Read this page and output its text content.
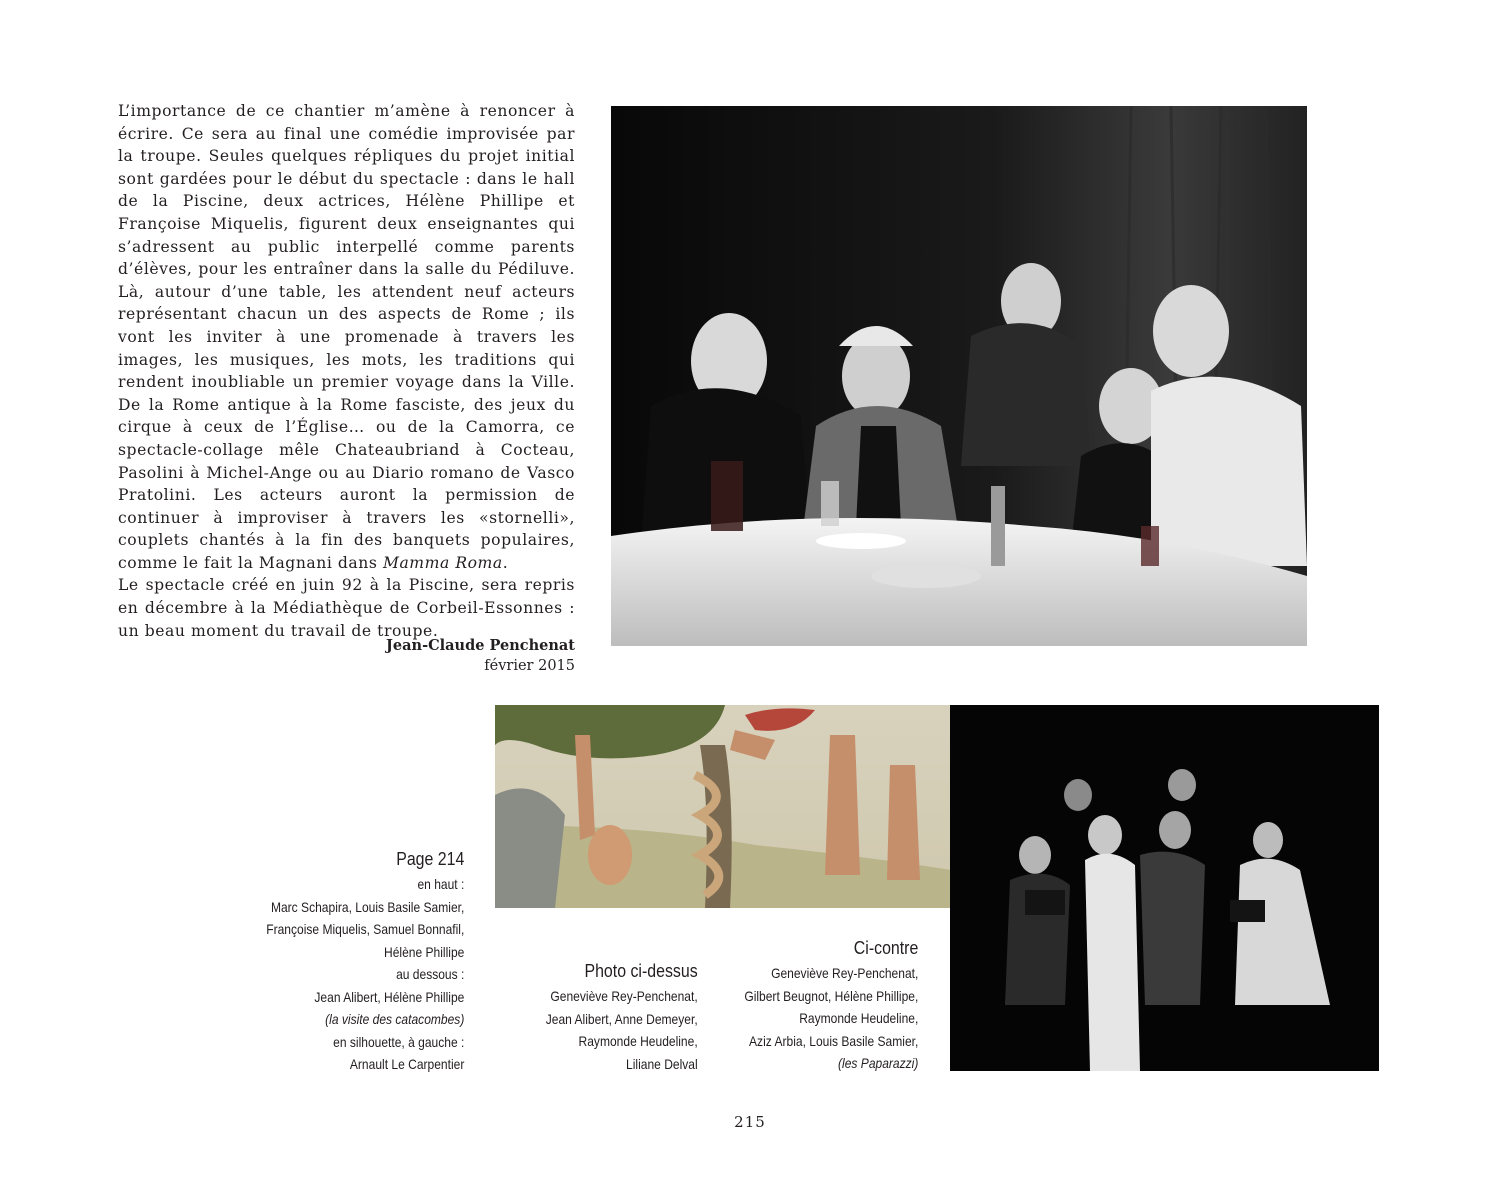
L’importance de ce chantier m’amène à renoncer à écrire. Ce sera au final une comédie improvisée par la troupe. Seules quelques répliques du projet initial sont gardées pour le début du spectacle : dans le hall de la Piscine, deux actrices, Hélène Phillipe et Françoise Miquelis, figurent deux enseignantes qui s’adressent au public interpellé comme parents d’élèves, pour les entraîner dans la salle du Pédiluve. Là, autour d’une table, les attendent neuf acteurs représentant chacun un des aspects de Rome ; ils vont les inviter à une promenade à travers les images, les musiques, les mots, les traditions qui rendent inoubliable un premier voyage dans la Ville. De la Rome antique à la Rome fasciste, des jeux du cirque à ceux de l’Église… ou de la Camorra, ce spectacle-collage mêle Chateaubriand à Cocteau, Pasolini à Michel-Ange ou au Diario romano de Vasco Pratolini. Les acteurs auront la permission de continuer à improviser à travers les «stornelli», couplets chantés à la fin des banquets populaires, comme le fait la Magnani dans Mamma Roma.

Le spectacle créé en juin 92 à la Piscine, sera repris en décembre à la Médiathèque de Corbeil-Essonnes : un beau moment du travail de troupe.

Jean-Claude Penchenat
février 2015
Page 214
en haut :
Marc Schapira, Louis Basile Samier,
Françoise Miquelis, Samuel Bonnafil,
Hélène Phillipe
au dessous :
Jean Alibert, Hélène Phillipe
(la visite des catacombes)
en silhouette, à gauche :
Arnault Le Carpentier
Photo ci-dessus
Geneviève Rey-Penchenat,
Jean Alibert, Anne Demeyer,
Raymonde Heudeline,
Liliane Delval
Ci-contre
Geneviève Rey-Penchenat,
Gilbert Beugnot, Hélène Phillipe,
Raymonde Heudeline,
Aziz Arbia, Louis Basile Samier,
(les Paparazzi)
215
